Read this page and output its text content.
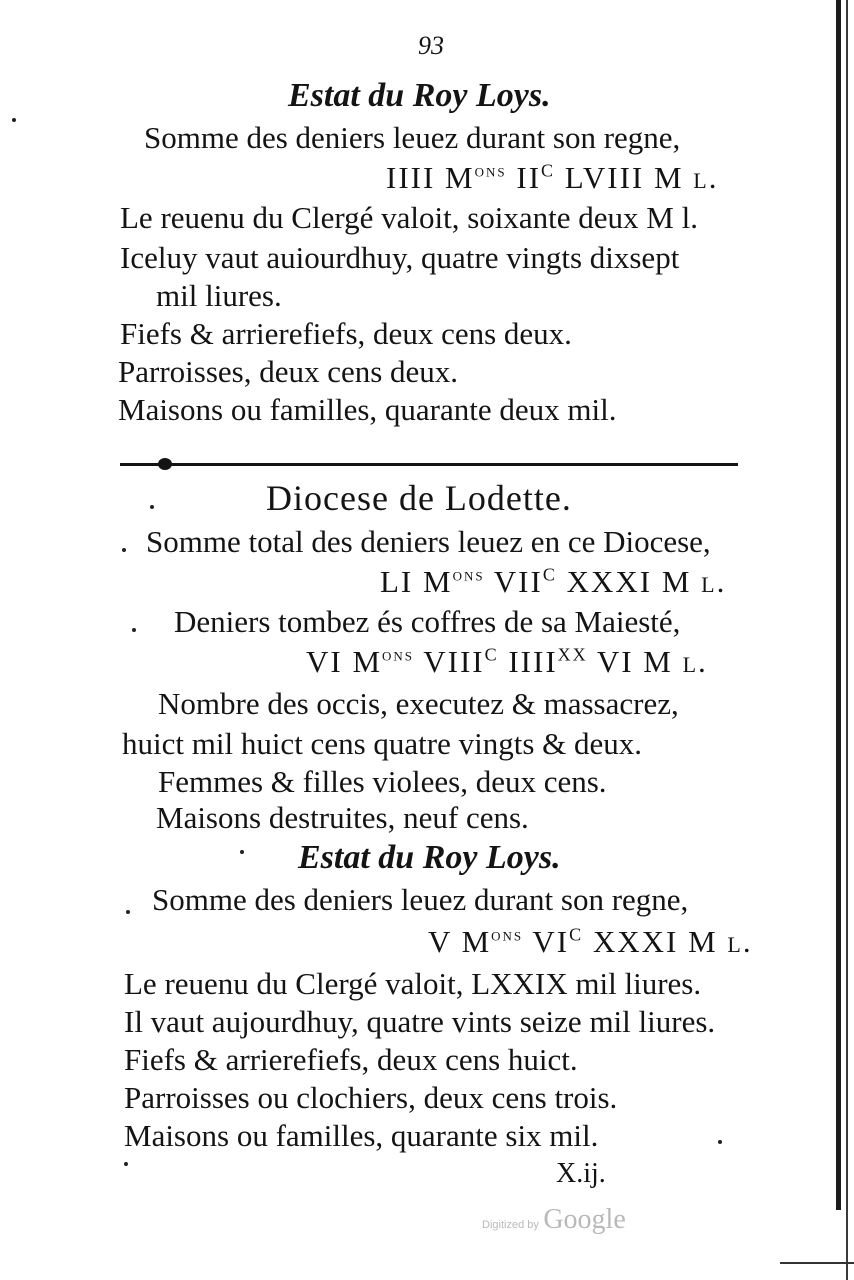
93
Estat du Roy Loys.
Somme des deniers leuez durant son regne,
IIII $M^{ons}$ $II^C$ LVIII M l.
Le reuenu du Clergé valoit, soixante deux M l.
Iceluy vaut auiourdhuy, quatre vingts dixsept
mil liures.
Fiefs & arrierefiefs, deux cens deux.
Parroisses, deux cens deux.
Maisons ou familles, quarante deux mil.
Diocese de Lodette.
Somme total des deniers leuez en ce Diocese,
LI $M^{ons}$ $VII^C$ XXXI M l.
Deniers tombez és coffres de sa Maiesté,
VI $M^{ons}$ $VIII^C$ $IIII^{XX}$ VI M l.
Nombre des occis, executez & massacrez,
huict mil huict cens quatre vingts & deux.
Femmes & filles violees, deux cens.
Maisons destruites, neuf cens.
Estat du Roy Loys.
Somme des deniers leuez durant son regne,
V $M^{ons}$ $VI^C$ XXXI M l.
Le reuenu du Clergé valoit, LXXIX mil liures.
Il vaut aujourdhuy, quatre vints seize mil liures.
Fiefs & arrierefiefs, deux cens huict.
Parroisses ou clochiers, deux cens trois.
Maisons ou familles, quarante six mil.
X.ij.
Digitized by Google
